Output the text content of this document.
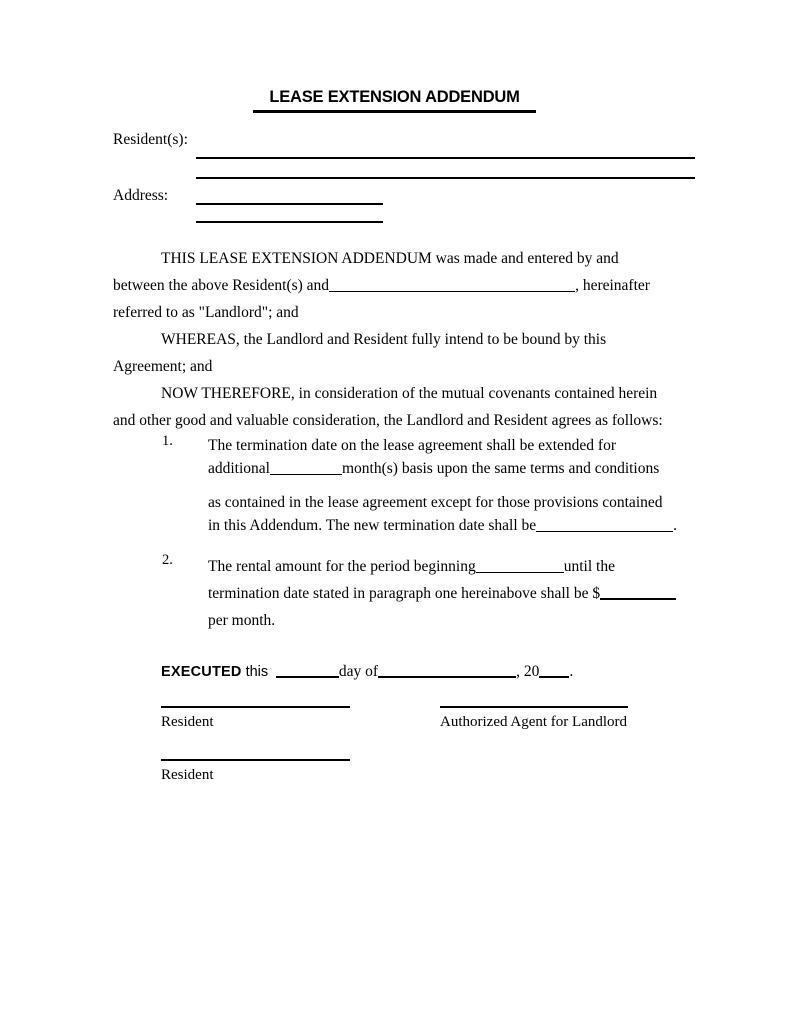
LEASE EXTENSION ADDENDUM
Resident(s):
Address:
THIS LEASE EXTENSION ADDENDUM was made and entered by and
between the above Resident(s) and	, hereinafter
referred to as "Landlord"; and
WHEREAS, the Landlord and Resident fully intend to be bound by this
Agreement; and
NOW THEREFORE, in consideration of the mutual covenants contained herein
and other good and valuable consideration, the Landlord and Resident agrees as follows:
1. The termination date on the lease agreement shall be extended for
additional	month(s) basis upon the same terms and conditions
as contained in the lease agreement except for those provisions contained
in this Addendum. The new termination date shall be	.
2. The rental amount for the period beginning	until the
termination date stated in paragraph one hereinabove shall be $
per month.
EXECUTED this	day of	, 20 .
Resident	Authorized Agent for Landlord
Resident
